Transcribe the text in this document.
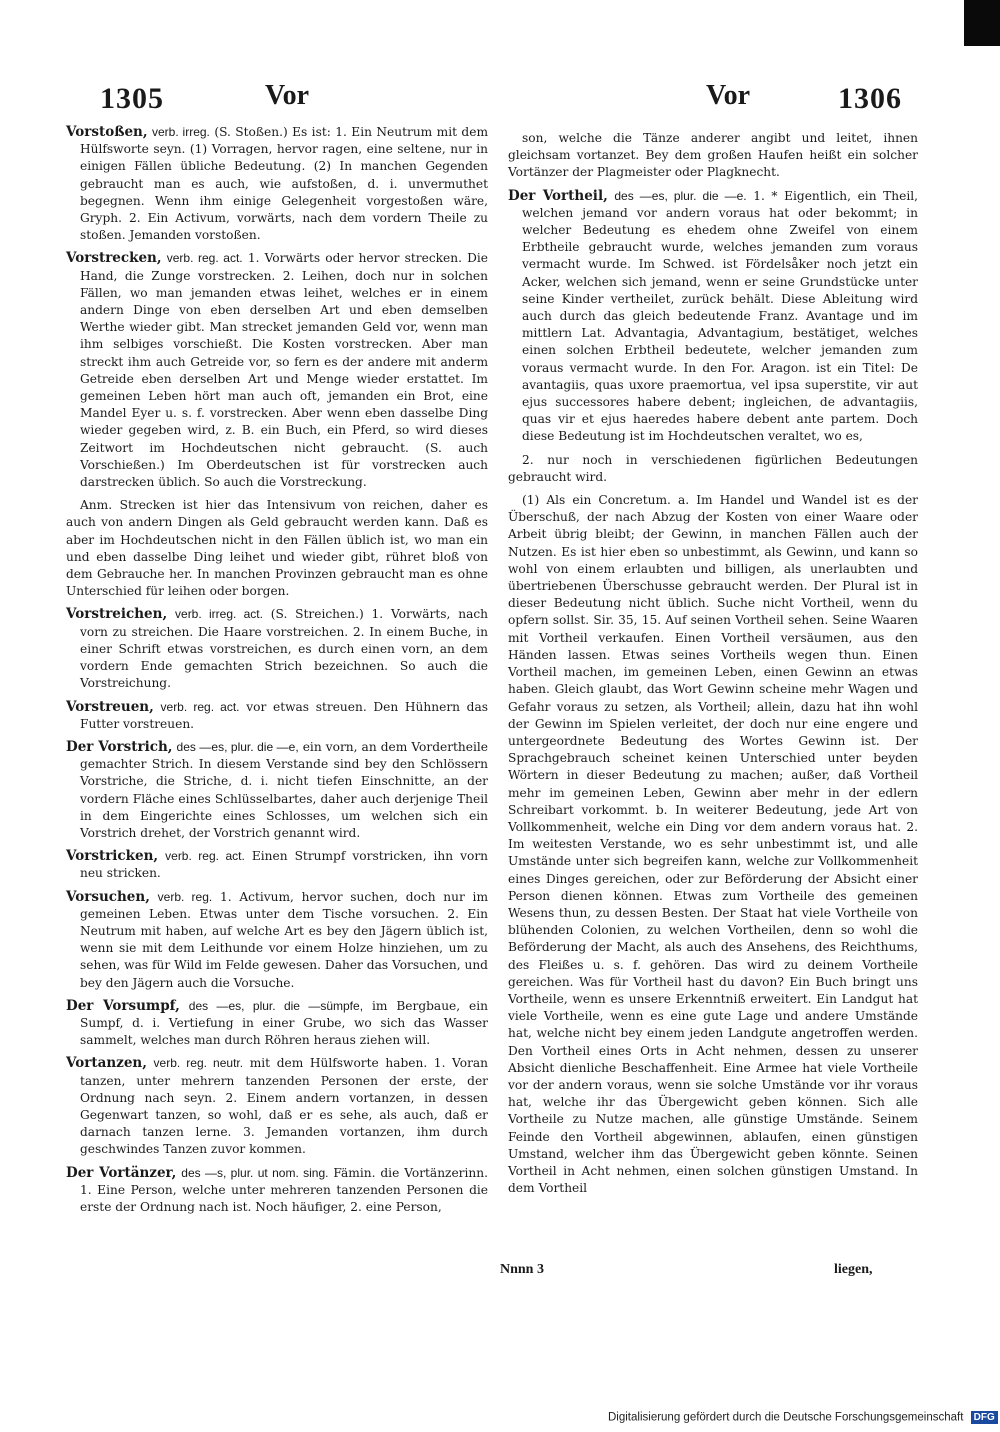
1305	Vor	Vor	1306

Vorstoßen, verb. irreg. (S. Stoßen.) Es ist: 1. Ein Neutrum mit dem Hülfsworte seyn. (1) Vorragen, hervor ragen, eine seltene, nur in einigen Fällen übliche Bedeutung. (2) In manchen Gegenden gebraucht man es auch, wie aufstoßen, d. i. unvermuthet begegnen. Wenn ihm einige Gelegenheit vorgestoßen wäre, Gryph. 2. Ein Activum, vorwärts, nach dem vordern Theile zu stoßen. Jemanden vorstoßen.

Vorstrecken, verb. reg. act. 1. Vorwärts oder hervor strecken. Die Hand, die Zunge vorstrecken. 2. Leihen, doch nur in solchen Fällen, wo man jemanden etwas leihet, welches er in einem andern Dinge von eben derselben Art und eben demselben Werthe wieder gibt. Man strecket jemanden Geld vor, wenn man ihm selbiges vorschießt. Die Kosten vorstrecken. Aber man streckt ihm auch Getreide vor, so fern es der andere mit anderm Getreide eben derselben Art und Menge wieder erstattet. Im gemeinen Leben hört man auch oft, jemanden ein Brot, eine Mandel Eyer u. s. f. vorstrecken. Aber wenn eben dasselbe Ding wieder gegeben wird, z. B. ein Buch, ein Pferd, so wird dieses Zeitwort im Hochdeutschen nicht gebraucht. (S. auch Vorschießen.) Im Oberdeutschen ist für vorstrecken auch darstrecken üblich. So auch die Vorstreckung.

Anm. Strecken ist hier das Intensivum von reichen, daher es auch von andern Dingen als Geld gebraucht werden kann. Daß es aber im Hochdeutschen nicht in den Fällen üblich ist, wo man ein und eben dasselbe Ding leihet und wieder gibt, rühret bloß von dem Gebrauche her. In manchen Provinzen gebraucht man es ohne Unterschied für leihen oder borgen.

Vorstreichen, verb. irreg. act. (S. Streichen.) 1. Vorwärts, nach vorn zu streichen. Die Haare vorstreichen. 2. In einem Buche, in einer Schrift etwas vorstreichen, es durch einen vorn, an dem vordern Ende gemachten Strich bezeichnen. So auch die Vorstreichung.

Vorstreuen, verb. reg. act. vor etwas streuen. Den Hühnern das Futter vorstreuen.

Der Vorstrich, des —es, plur. die —e, ein vorn, an dem Vordertheile gemachter Strich. In diesem Verstande sind bey den Schlössern Vorstriche, die Striche, d. i. nicht tiefen Einschnitte, an der vordern Fläche eines Schlüsselbartes, daher auch derjenige Theil in dem Eingerichte eines Schlosses, um welchen sich ein Vorstrich drehet, der Vorstrich genannt wird.

Vorstricken, verb. reg. act. Einen Strumpf vorstricken, ihn vorn neu stricken.

Vorsuchen, verb. reg. 1. Activum, hervor suchen, doch nur im gemeinen Leben. Etwas unter dem Tische vorsuchen. 2. Ein Neutrum mit haben, auf welche Art es bey den Jägern üblich ist, wenn sie mit dem Leithunde vor einem Holze hinziehen, um zu sehen, was für Wild im Felde gewesen. Daher das Vorsuchen, und bey den Jägern auch die Vorsuche.

Der Vorsumpf, des —es, plur. die —sümpfe, im Bergbaue, ein Sumpf, d. i. Vertiefung in einer Grube, wo sich das Wasser sammelt, welches man durch Röhren heraus ziehen will.

Vortanzen, verb. reg. neutr. mit dem Hülfsworte haben. 1. Voran tanzen, unter mehrern tanzenden Personen der erste, der Ordnung nach seyn. 2. Einem andern vortanzen, in dessen Gegenwart tanzen, so wohl, daß er es sehe, als auch, daß er darnach tanzen lerne. 3. Jemanden vortanzen, ihm durch geschwindes Tanzen zuvor kommen.

Der Vortänzer, des —s, plur. ut nom. sing. Fämin. die Vortänzerinn. 1. Eine Person, welche unter mehreren tanzenden Personen die erste der Ordnung nach ist. Noch häufiger, 2. eine Person,

son, welche die Tänze anderer angibt und leitet, ihnen gleichsam vortanzet. Bey dem großen Haufen heißt ein solcher Vortänzer der Plagmeister oder Plagknecht.

Der Vortheil, des —es, plur. die —e. 1. * Eigentlich, ein Theil, welchen jemand vor andern voraus hat oder bekommt; in welcher Bedeutung es ehedem ohne Zweifel von einem Erbtheile gebraucht wurde, welches jemanden zum voraus vermacht wurde. Im Schwed. ist Fördelsåker noch jetzt ein Acker, welchen sich jemand, wenn er seine Grundstücke unter seine Kinder vertheilet, zurück behält. Diese Ableitung wird auch durch das gleich bedeutende Franz. Avantage und im mittlern Lat. Advantagia, Advantagium, bestätiget, welches einen solchen Erbtheil bedeutete, welcher jemanden zum voraus vermacht wurde. In den For. Aragon. ist ein Titel: De avantagiis, quas uxore praemortua, vel ipsa superstite, vir aut ejus successores habere debent; ingleichen, de advantagiis, quas vir et ejus haeredes habere debent ante partem. Doch diese Bedeutung ist im Hochdeutschen veraltet, wo es,

2. nur noch in verschiedenen figürlichen Bedeutungen gebraucht wird.

(1) Als ein Concretum. a. Im Handel und Wandel ist es der Überschuß, der nach Abzug der Kosten von einer Waare oder Arbeit übrig bleibt; der Gewinn, in manchen Fällen auch der Nutzen. Es ist hier eben so unbestimmt, als Gewinn, und kann so wohl von einem erlaubten und billigen, als unerlaubten und übertriebenen Überschusse gebraucht werden. Der Plural ist in dieser Bedeutung nicht üblich. Suche nicht Vortheil, wenn du opfern sollst. Sir. 35, 15. Auf seinen Vortheil sehen. Seine Waaren mit Vortheil verkaufen. Einen Vortheil versäumen, aus den Händen lassen. Etwas seines Vortheils wegen thun. Einen Vortheil machen, im gemeinen Leben, einen Gewinn an etwas haben. Gleich glaubt, das Wort Gewinn scheine mehr Wagen und Gefahr voraus zu setzen, als Vortheil; allein, dazu hat ihn wohl der Gewinn im Spielen verleitet, der doch nur eine engere und untergeordnete Bedeutung des Wortes Gewinn ist. Der Sprachgebrauch scheinet keinen Unterschied unter beyden Wörtern in dieser Bedeutung zu machen; außer, daß Vortheil mehr im gemeinen Leben, Gewinn aber mehr in der edlern Schreibart vorkommt. b. In weiterer Bedeutung, jede Art von Vollkommenheit, welche ein Ding vor dem andern voraus hat. 2. Im weitesten Verstande, wo es sehr unbestimmt ist, und alle Umstände unter sich begreifen kann, welche zur Vollkommenheit eines Dinges gereichen, oder zur Beförderung der Absicht einer Person dienen können. Etwas zum Vortheile des gemeinen Wesens thun, zu dessen Besten. Der Staat hat viele Vortheile von blühenden Colonien, zu welchen Vortheilen, denn so wohl die Beförderung der Macht, als auch des Ansehens, des Reichthums, des Fleißes u. s. f. gehören. Das wird zu deinem Vortheile gereichen. Was für Vortheil hast du davon? Ein Buch bringt uns Vortheile, wenn es unsere Erkenntniß erweitert. Ein Landgut hat viele Vortheile, wenn es eine gute Lage und andere Umstände hat, welche nicht bey einem jeden Landgute angetroffen werden. Den Vortheil eines Orts in Acht nehmen, dessen zu unserer Absicht dienliche Beschaffenheit. Eine Armee hat viele Vortheile vor der andern voraus, wenn sie solche Umstände vor ihr voraus hat, welche ihr das Übergewicht geben können. Sich alle Vortheile zu Nutze machen, alle günstige Umstände. Seinem Feinde den Vortheil abgewinnen, ablaufen, einen günstigen Umstand, welcher ihm das Übergewicht geben könnte. Seinen Vortheil in Acht nehmen, einen solchen günstigen Umstand. In dem Vortheil

Nnnn 3	liegen,
Digitalisierung gefördert durch die Deutsche Forschungsgemeinschaft DFG
